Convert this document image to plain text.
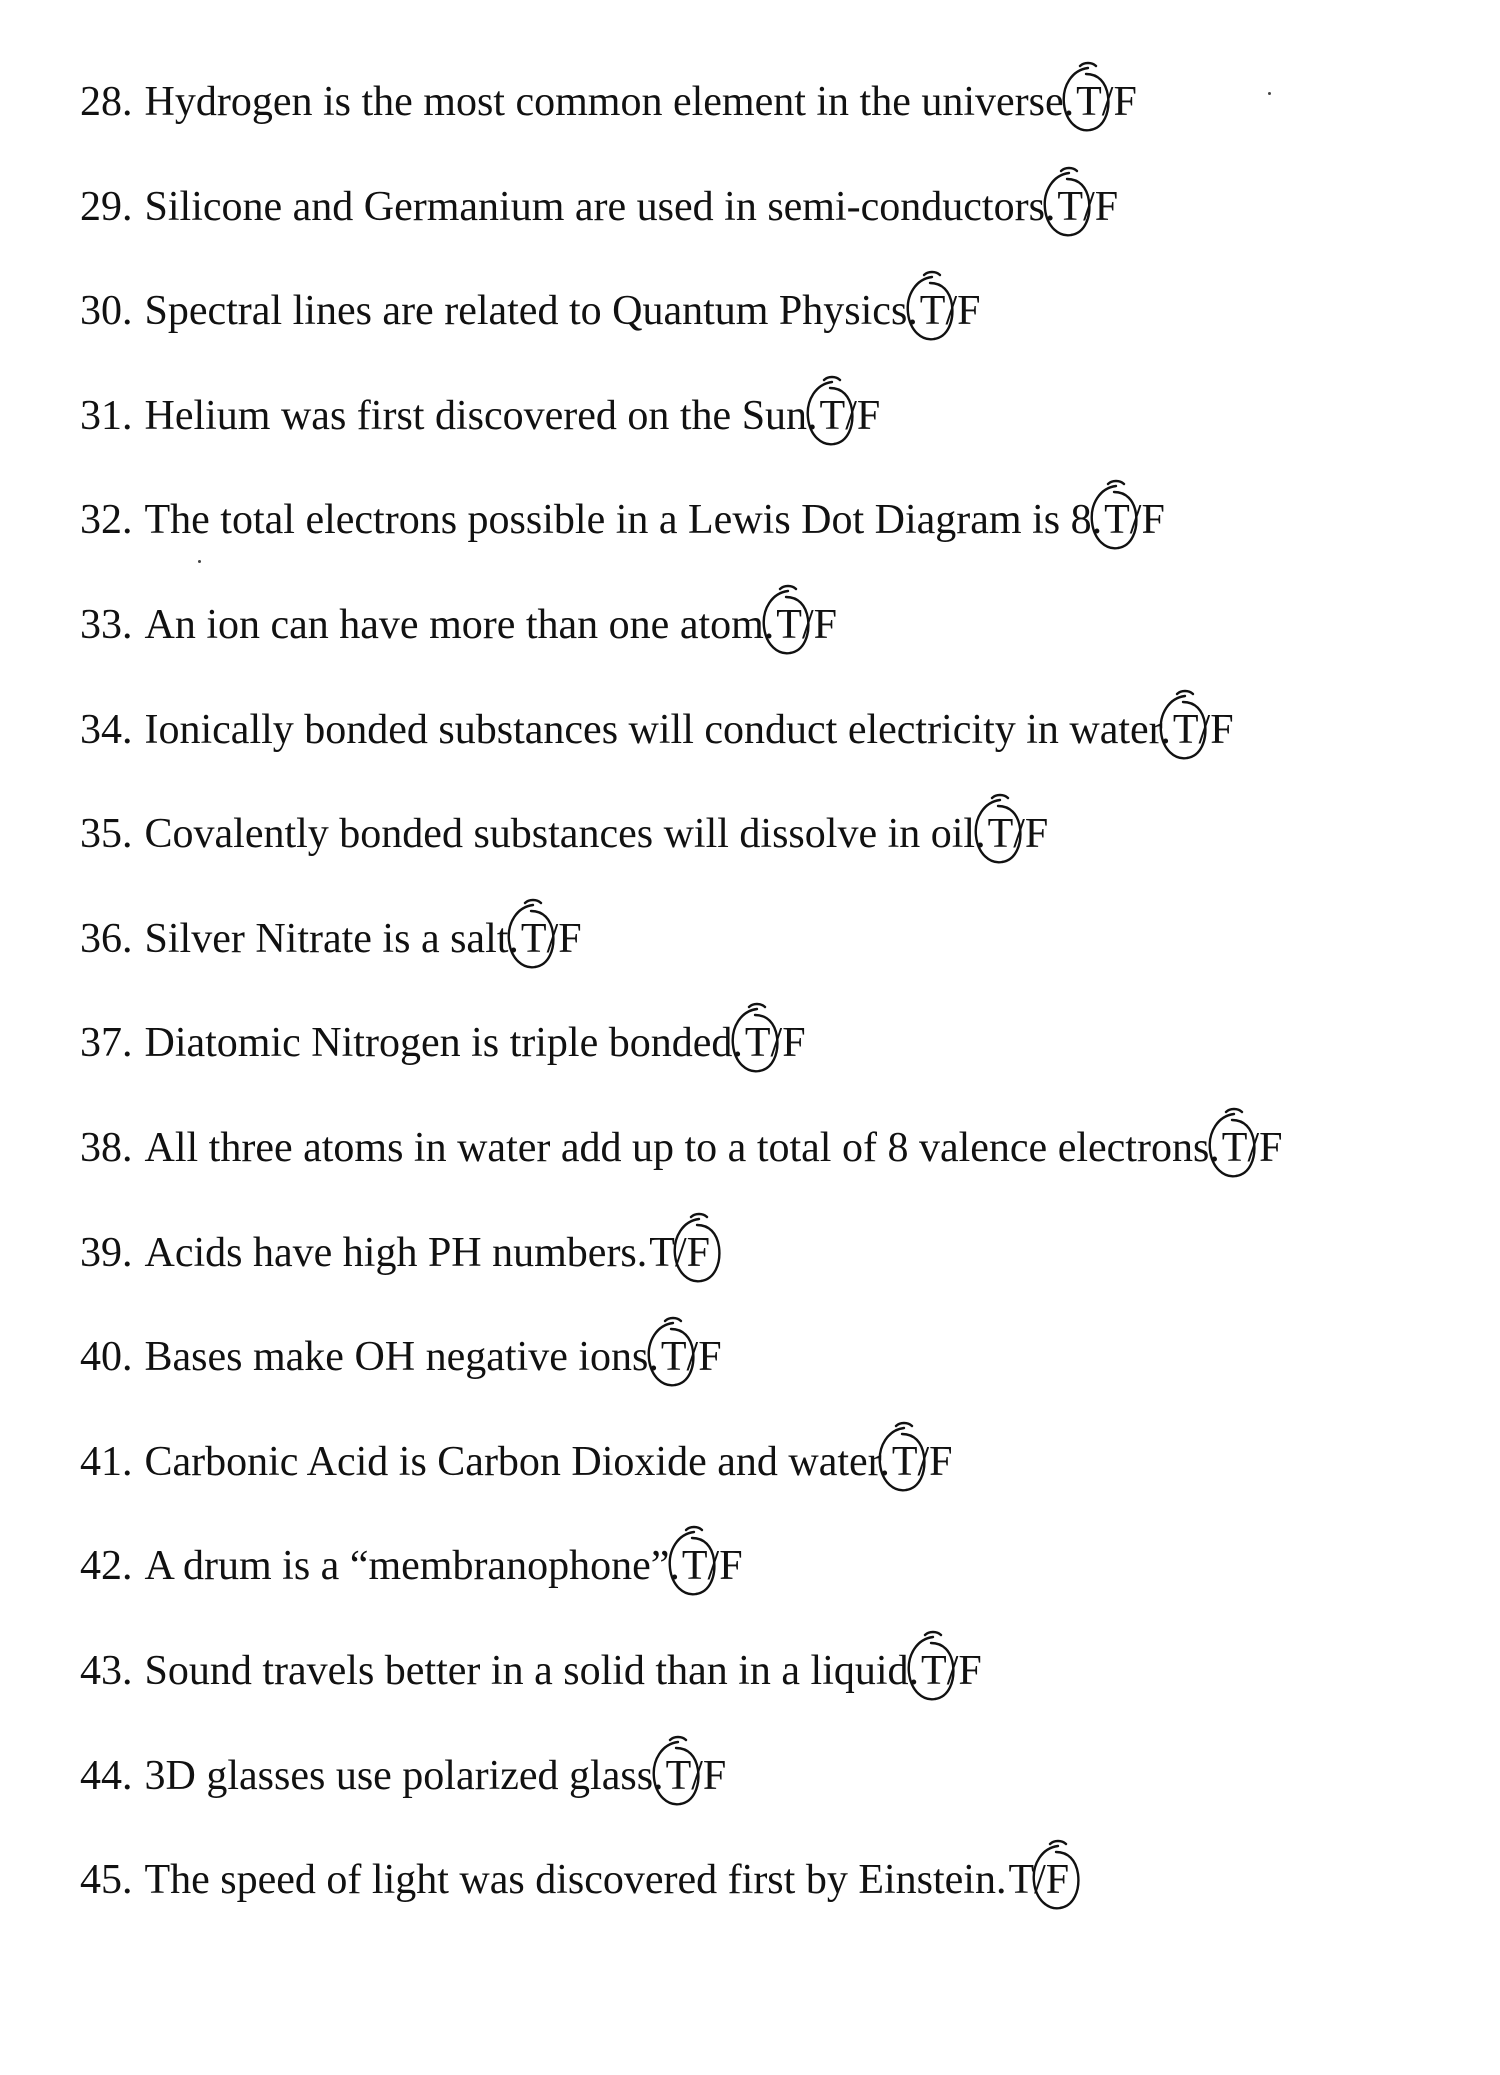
28. Hydrogen is the most common element in the universe.T
/F
29. Silicone and Germanium are used in semi-conductors.T
/F
30. Spectral lines are related to Quantum Physics.T
/F
31. Helium was first discovered on the Sun.T
/F
32. The total electrons possible in a Lewis Dot Diagram is 8.T
/F
33. An ion can have more than one atom.T
/F
34. Ionically bonded substances will conduct electricity in water.T
/F
35. Covalently bonded substances will dissolve in oil.T
/F
36. Silver Nitrate is a salt.T
/F
37. Diatomic Nitrogen is triple bonded.T
/F
38. All three atoms in water add up to a total of 8 valence electrons.T
/F
39. Acids have high PH numbers.T/F
40. Bases make OH negative ions.T
/F
41. Carbonic Acid is Carbon Dioxide and water.T
/F
42. A drum is a “membranophone”.T
/F
43. Sound travels better in a solid than in a liquid.T
/F
44. 3D glasses use polarized glass.T
/F
45. The speed of light was discovered first by Einstein.T/F
